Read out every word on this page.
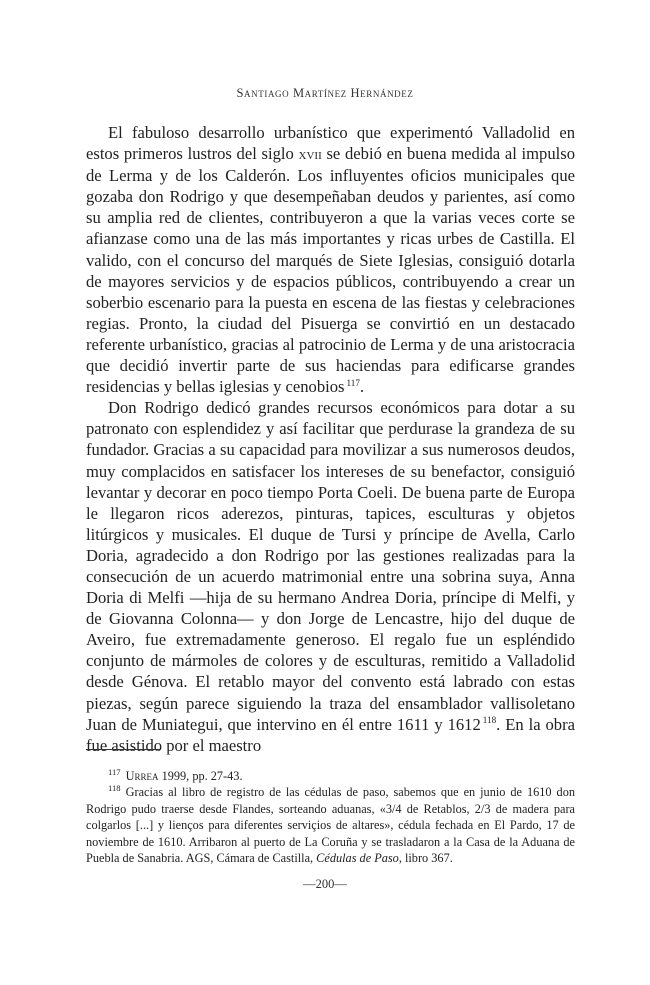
Santiago Martínez Hernández

El fabuloso desarrollo urbanístico que experimentó Valladolid en estos primeros lustros del siglo xvii se debió en buena medida al impulso de Lerma y de los Calderón. Los influyentes oficios municipales que gozaba don Rodrigo y que desempeñaban deudos y parientes, así como su amplia red de clientes, contribuyeron a que la varias veces corte se afianzase como una de las más importantes y ricas urbes de Castilla. El valido, con el concurso del marqués de Siete Iglesias, consiguió dotarla de mayores servicios y de espacios públicos, contribuyendo a crear un soberbio escenario para la puesta en escena de las fiestas y celebraciones regias. Pronto, la ciudad del Pisuerga se convirtió en un destacado referente urbanístico, gracias al patrocinio de Lerma y de una aristocracia que decidió invertir parte de sus haciendas para edificarse grandes residencias y bellas iglesias y cenobios $^{117}$.

Don Rodrigo dedicó grandes recursos económicos para dotar a su patronato con esplendidez y así facilitar que perdurase la grandeza de su fundador. Gracias a su capacidad para movilizar a sus numerosos deudos, muy complacidos en satisfacer los intereses de su benefactor, consiguió levantar y decorar en poco tiempo Porta Coeli. De buena parte de Europa le llegaron ricos aderezos, pinturas, tapices, esculturas y objetos litúrgicos y musicales. El duque de Tursi y príncipe de Avella, Carlo Doria, agradecido a don Rodrigo por las gestiones realizadas para la consecución de un acuerdo matrimonial entre una sobrina suya, Anna Doria di Melfi —hija de su hermano Andrea Doria, príncipe di Melfi, y de Giovanna Colonna— y don Jorge de Lencastre, hijo del duque de Aveiro, fue extremadamente generoso. El regalo fue un espléndido conjunto de mármoles de colores y de esculturas, remitido a Valladolid desde Génova. El retablo mayor del convento está labrado con estas piezas, según parece siguiendo la traza del ensamblador vallisoletano Juan de Muniategui, que intervino en él entre 1611 y 1612 $^{118}$. En la obra fue asistido por el maestro

$^{117}$ Urrea 1999, pp. 27-43.

$^{118}$ Gracias al libro de registro de las cédulas de paso, sabemos que en junio de 1610 don Rodrigo pudo traerse desde Flandes, sorteando aduanas, «3/4 de Retablos, 2/3 de madera para colgarlos [...] y lienços para diferentes serviçios de altares», cédula fechada en El Pardo, 17 de noviembre de 1610. Arribaron al puerto de La Coruña y se trasladaron a la Casa de la Aduana de Puebla de Sanabria. AGS, Cámara de Castilla, Cédulas de Paso, libro 367.

—200—
